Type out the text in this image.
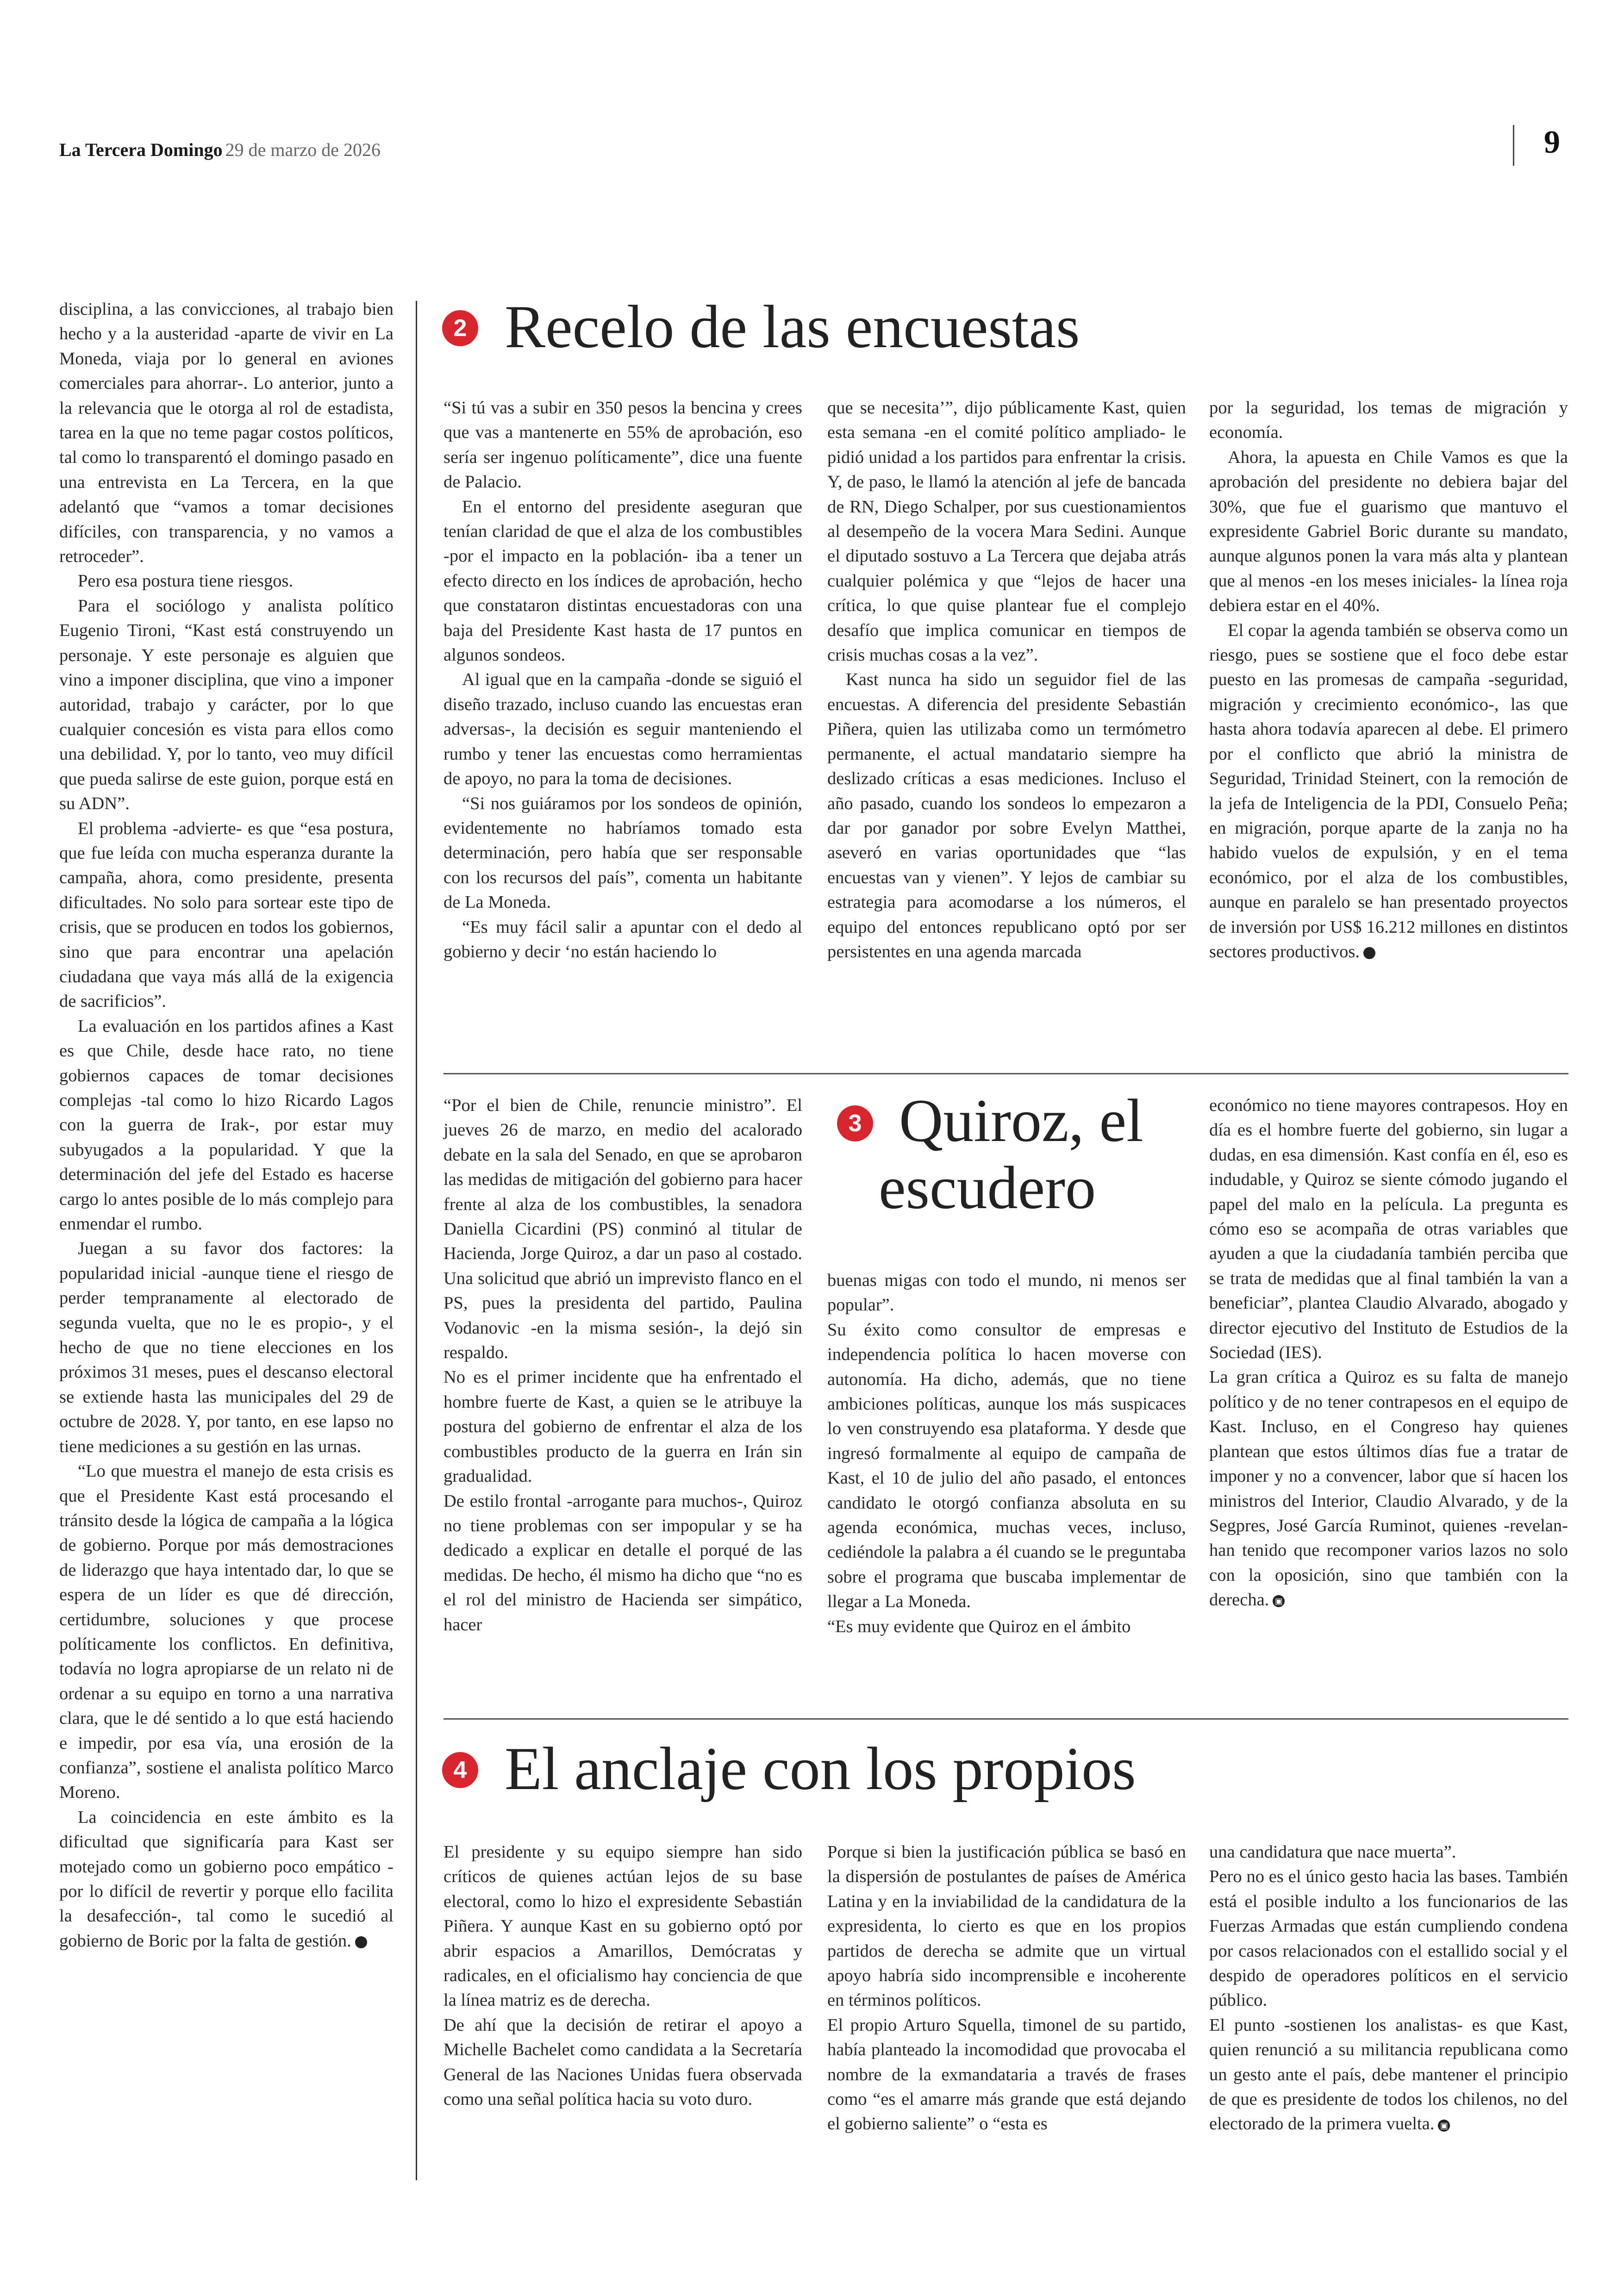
La Tercera Domingo 29 de marzo de 2026	9

disciplina, a las convicciones, al trabajo bien hecho y a la austeridad -aparte de vivir en La Moneda, viaja por lo general en aviones comerciales para ahorrar-. Lo anterior, junto a la relevancia que le otorga al rol de estadista, tarea en la que no teme pagar costos políticos, tal como lo transparentó el domingo pasado en una entrevista en La Tercera, en la que adelantó que “vamos a tomar decisiones difíciles, con transparencia, y no vamos a retroceder”.

Pero esa postura tiene riesgos.

Para el sociólogo y analista político Eugenio Tironi, “Kast está construyendo un personaje. Y este personaje es alguien que vino a imponer disciplina, que vino a imponer autoridad, trabajo y carácter, por lo que cualquier concesión es vista para ellos como una debilidad. Y, por lo tanto, veo muy difícil que pueda salirse de este guion, porque está en su ADN”.

El problema -advierte- es que “esa postura, que fue leída con mucha esperanza durante la campaña, ahora, como presidente, presenta dificultades. No solo para sortear este tipo de crisis, que se producen en todos los gobiernos, sino que para encontrar una apelación ciudadana que vaya más allá de la exigencia de sacrificios”.

La evaluación en los partidos afines a Kast es que Chile, desde hace rato, no tiene gobiernos capaces de tomar decisiones complejas -tal como lo hizo Ricardo Lagos con la guerra de Irak-, por estar muy subyugados a la popularidad. Y que la determinación del jefe del Estado es hacerse cargo lo antes posible de lo más complejo para enmendar el rumbo.

Juegan a su favor dos factores: la popularidad inicial -aunque tiene el riesgo de perder tempranamente al electorado de segunda vuelta, que no le es propio-, y el hecho de que no tiene elecciones en los próximos 31 meses, pues el descanso electoral se extiende hasta las municipales del 29 de octubre de 2028. Y, por tanto, en ese lapso no tiene mediciones a su gestión en las urnas.

“Lo que muestra el manejo de esta crisis es que el Presidente Kast está procesando el tránsito desde la lógica de campaña a la lógica de gobierno. Porque por más demostraciones de liderazgo que haya intentado dar, lo que se espera de un líder es que dé dirección, certidumbre, soluciones y que procese políticamente los conflictos. En definitiva, todavía no logra apropiarse de un relato ni de ordenar a su equipo en torno a una narrativa clara, que le dé sentido a lo que está haciendo e impedir, por esa vía, una erosión de la confianza”, sostiene el analista político Marco Moreno.

La coincidencia en este ámbito es la dificultad que significaría para Kast ser motejado como un gobierno poco empático -por lo difícil de revertir y porque ello facilita la desafección-, tal como le sucedió al gobierno de Boric por la falta de gestión.	▣

2 Recelo de las encuestas

“Si tú vas a subir en 350 pesos la bencina y crees que vas a mantenerte en 55% de aprobación, eso sería ser ingenuo políticamente”, dice una fuente de Palacio.

En el entorno del presidente aseguran que tenían claridad de que el alza de los combustibles -por el impacto en la población- iba a tener un efecto directo en los índices de aprobación, hecho que constataron distintas encuestadoras con una baja del Presidente Kast hasta de 17 puntos en algunos sondeos.

Al igual que en la campaña -donde se siguió el diseño trazado, incluso cuando las encuestas eran adversas-, la decisión es seguir manteniendo el rumbo y tener las encuestas como herramientas de apoyo, no para la toma de decisiones.

“Si nos guiáramos por los sondeos de opinión, evidentemente no habríamos tomado esta determinación, pero había que ser responsable con los recursos del país”, comenta un habitante de La Moneda.

“Es muy fácil salir a apuntar con el dedo al gobierno y decir ‘no están haciendo lo

que se necesita’”, dijo públicamente Kast, quien esta semana -en el comité político ampliado- le pidió unidad a los partidos para enfrentar la crisis. Y, de paso, le llamó la atención al jefe de bancada de RN, Diego Schalper, por sus cuestionamientos al desempeño de la vocera Mara Sedini. Aunque el diputado sostuvo a La Tercera que dejaba atrás cualquier polémica y que “lejos de hacer una crítica, lo que quise plantear fue el complejo desafío que implica comunicar en tiempos de crisis muchas cosas a la vez”.

Kast nunca ha sido un seguidor fiel de las encuestas. A diferencia del presidente Sebastián Piñera, quien las utilizaba como un termómetro permanente, el actual mandatario siempre ha deslizado críticas a esas mediciones. Incluso el año pasado, cuando los sondeos lo empezaron a dar por ganador por sobre Evelyn Matthei, aseveró en varias oportunidades que “las encuestas van y vienen”. Y lejos de cambiar su estrategia para acomodarse a los números, el equipo del entonces republicano optó por ser persistentes en una agenda marcada

por la seguridad, los temas de migración y economía.

Ahora, la apuesta en Chile Vamos es que la aprobación del presidente no debiera bajar del 30%, que fue el guarismo que mantuvo el expresidente Gabriel Boric durante su mandato, aunque algunos ponen la vara más alta y plantean que al menos -en los meses iniciales- la línea roja debiera estar en el 40%.

El copar la agenda también se observa como un riesgo, pues se sostiene que el foco debe estar puesto en las promesas de campaña -seguridad, migración y crecimiento económico-, las que hasta ahora todavía aparecen al debe. El primero por el conflicto que abrió la ministra de Seguridad, Trinidad Steinert, con la remoción de la jefa de Inteligencia de la PDI, Consuelo Peña; en migración, porque aparte de la zanja no ha habido vuelos de expulsión, y en el tema económico, por el alza de los combustibles, aunque en paralelo se han presentado proyectos de inversión por US$ 16.212 millones en distintos sectores productivos.	▣

“Por el bien de Chile, renuncie ministro”. El jueves 26 de marzo, en medio del acalorado debate en la sala del Senado, en que se aprobaron las medidas de mitigación del gobierno para hacer frente al alza de los combustibles, la senadora Daniella Cicardini (PS) conminó al titular de Hacienda, Jorge Quiroz, a dar un paso al costado. Una solicitud que abrió un imprevisto flanco en el PS, pues la presidenta del partido, Paulina Vodanovic -en la misma sesión-, la dejó sin respaldo.

No es el primer incidente que ha enfrentado el hombre fuerte de Kast, a quien se le atribuye la postura del gobierno de enfrentar el alza de los combustibles producto de la guerra en Irán sin gradualidad.

De estilo frontal -arrogante para muchos-, Quiroz no tiene problemas con ser impopular y se ha dedicado a explicar en detalle el porqué de las medidas. De hecho, él mismo ha dicho que “no es el rol del ministro de Hacienda ser simpático, hacer

3 Quiroz, el
escudero

buenas migas con todo el mundo, ni menos ser popular”.

Su éxito como consultor de empresas e independencia política lo hacen moverse con autonomía. Ha dicho, además, que no tiene ambiciones políticas, aunque los más suspicaces lo ven construyendo esa plataforma. Y desde que ingresó formalmente al equipo de campaña de Kast, el 10 de julio del año pasado, el entonces candidato le otorgó confianza absoluta en su agenda económica, muchas veces, incluso, cediéndole la palabra a él cuando se le preguntaba sobre el programa que buscaba implementar de llegar a La Moneda.

“Es muy evidente que Quiroz en el ámbito

económico no tiene mayores contrapesos. Hoy en día es el hombre fuerte del gobierno, sin lugar a dudas, en esa dimensión. Kast confía en él, eso es indudable, y Quiroz se siente cómodo jugando el papel del malo en la película. La pregunta es cómo eso se acompaña de otras variables que ayuden a que la ciudadanía también perciba que se trata de medidas que al final también la van a beneficiar”, plantea Claudio Alvarado, abogado y director ejecutivo del Instituto de Estudios de la Sociedad (IES).

La gran crítica a Quiroz es su falta de manejo político y de no tener contrapesos en el equipo de Kast. Incluso, en el Congreso hay quienes plantean que estos últimos días fue a tratar de imponer y no a convencer, labor que sí hacen los ministros del Interior, Claudio Alvarado, y de la Segpres, José García Ruminot, quienes -revelan- han tenido que recomponer varios lazos no solo con la oposición, sino que también con la derecha. ▣

4 El anclaje con los propios

El presidente y su equipo siempre han sido críticos de quienes actúan lejos de su base electoral, como lo hizo el expresidente Sebastián Piñera. Y aunque Kast en su gobierno optó por abrir espacios a Amarillos, Demócratas y radicales, en el oficialismo hay conciencia de que la línea matriz es de derecha.

De ahí que la decisión de retirar el apoyo a Michelle Bachelet como candidata a la Secretaría General de las Naciones Unidas fuera observada como una señal política hacia su voto duro.

Porque si bien la justificación pública se basó en la dispersión de postulantes de países de América Latina y en la inviabilidad de la candidatura de la expresidenta, lo cierto es que en los propios partidos de derecha se admite que un virtual apoyo habría sido incomprensible e incoherente en términos políticos.

El propio Arturo Squella, timonel de su partido, había planteado la incomodidad que provocaba el nombre de la exmandataria a través de frases como “es el amarre más grande que está dejando el gobierno saliente” o “esta es

una candidatura que nace muerta”.

Pero no es el único gesto hacia las bases. También está el posible indulto a los funcionarios de las Fuerzas Armadas que están cumpliendo condena por casos relacionados con el estallido social y el despido de operadores políticos en el servicio público.

El punto -sostienen los analistas- es que Kast, quien renunció a su militancia republicana como un gesto ante el país, debe mantener el principio de que es presidente de todos los chilenos, no del electorado de la primera vuelta. ▣
